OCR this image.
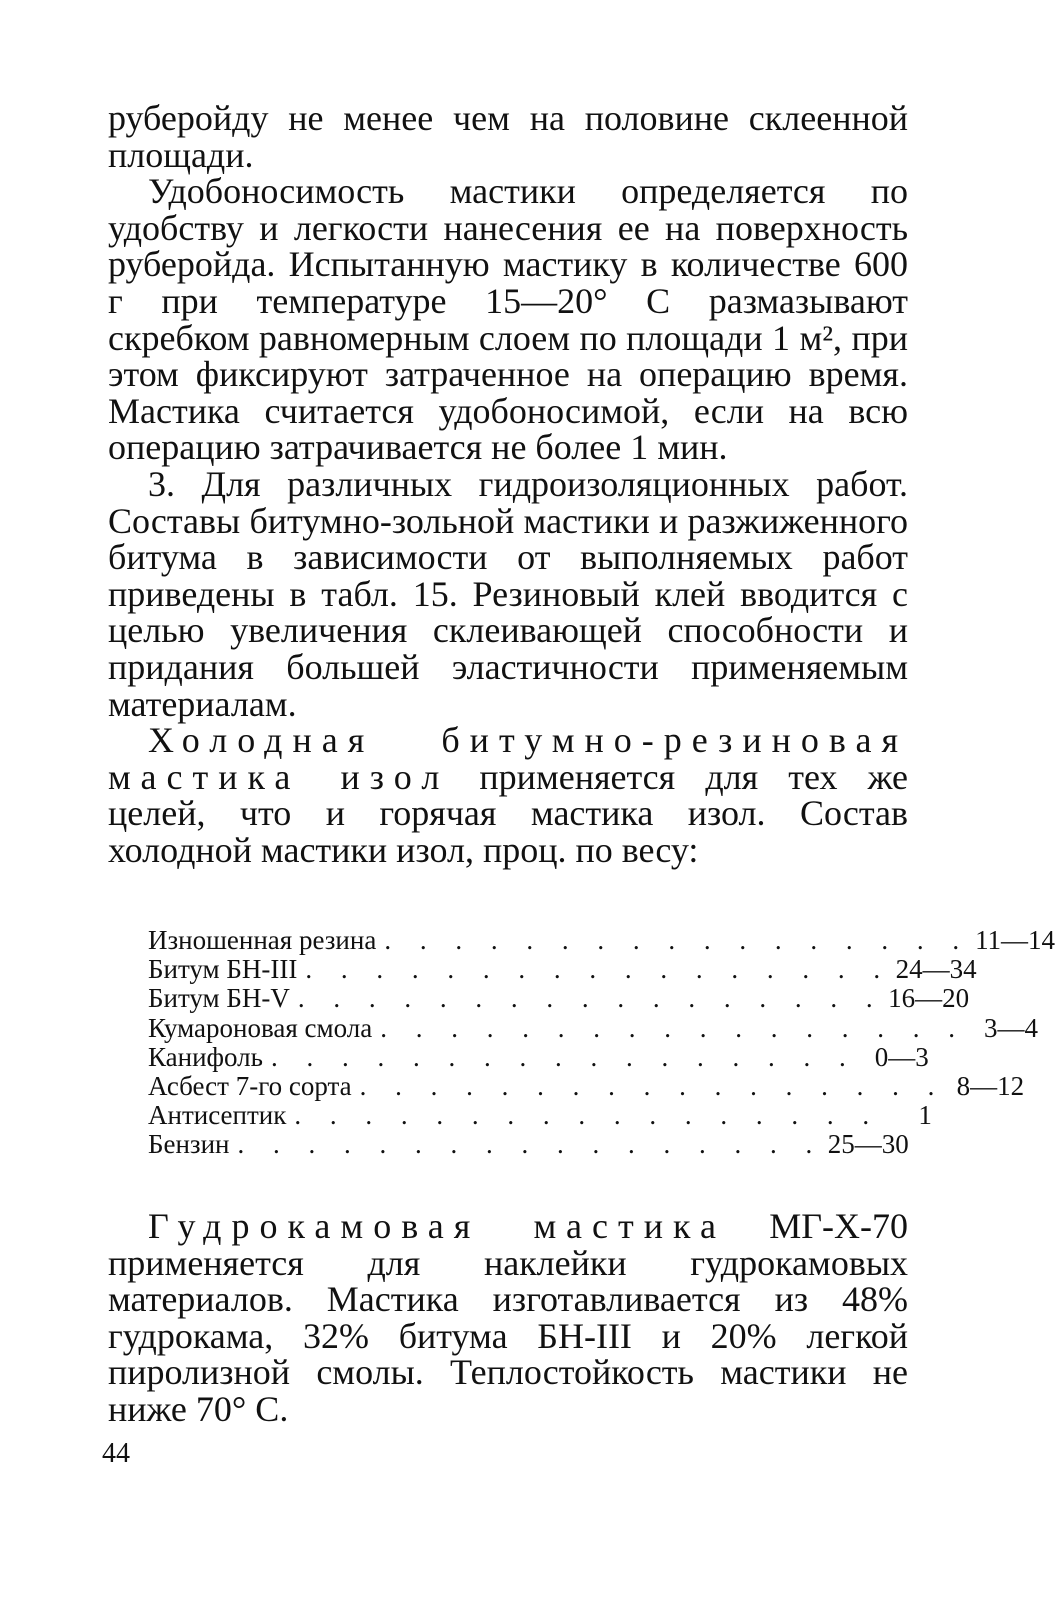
руберойду не менее чем на половине склеенной площади.

Удобоносимость мастики определяется по удобству и легкости нанесения ее на поверхность руберойда. Испытанную мастику в количестве 600 г при температуре 15—20° С размазывают скребком равномерным слоем по площади 1 м², при этом фиксируют затраченное на операцию время. Мастика считается удобоносимой, если на всю операцию затрачивается не более 1 мин.

3. Для различных гидроизоляционных работ. Составы битумно-зольной мастики и разжиженного битума в зависимости от выполняемых работ приведены в табл. 15. Резиновый клей вводится с целью увеличения склеивающей способности и придания большей эластичности применяемым материалам.

Холодная битумно-резиновая мастика изол применяется для тех же целей, что и горячая мастика изол. Состав холодной мастики изол, проц. по весу:

Изношенная резина . . . . . . . . . . . . . . . . . 11—14
Битум БН-III . . . . . . . . . . . . . . . . . 24—34
Битум БН-V . . . . . . . . . . . . . . . . . 16—20
Кумароновая смола . . . . . . . . . . . . . . . . . 3—4
Канифоль . . . . . . . . . . . . . . . . . 0—3
Асбест 7-го сорта . . . . . . . . . . . . . . . . . 8—12
Антисептик . . . . . . . . . . . . . . . . .	1
Бензин . . . . . . . . . . . . . . . . . 25—30

Гудрокамовая мастика МГ-Х-70 применяется для наклейки гудрокамовых материалов. Мастика изготавливается из 48% гудрокама, 32% битума БН-III и 20% легкой пиролизной смолы. Теплостойкость мастики не ниже 70° С.

44
